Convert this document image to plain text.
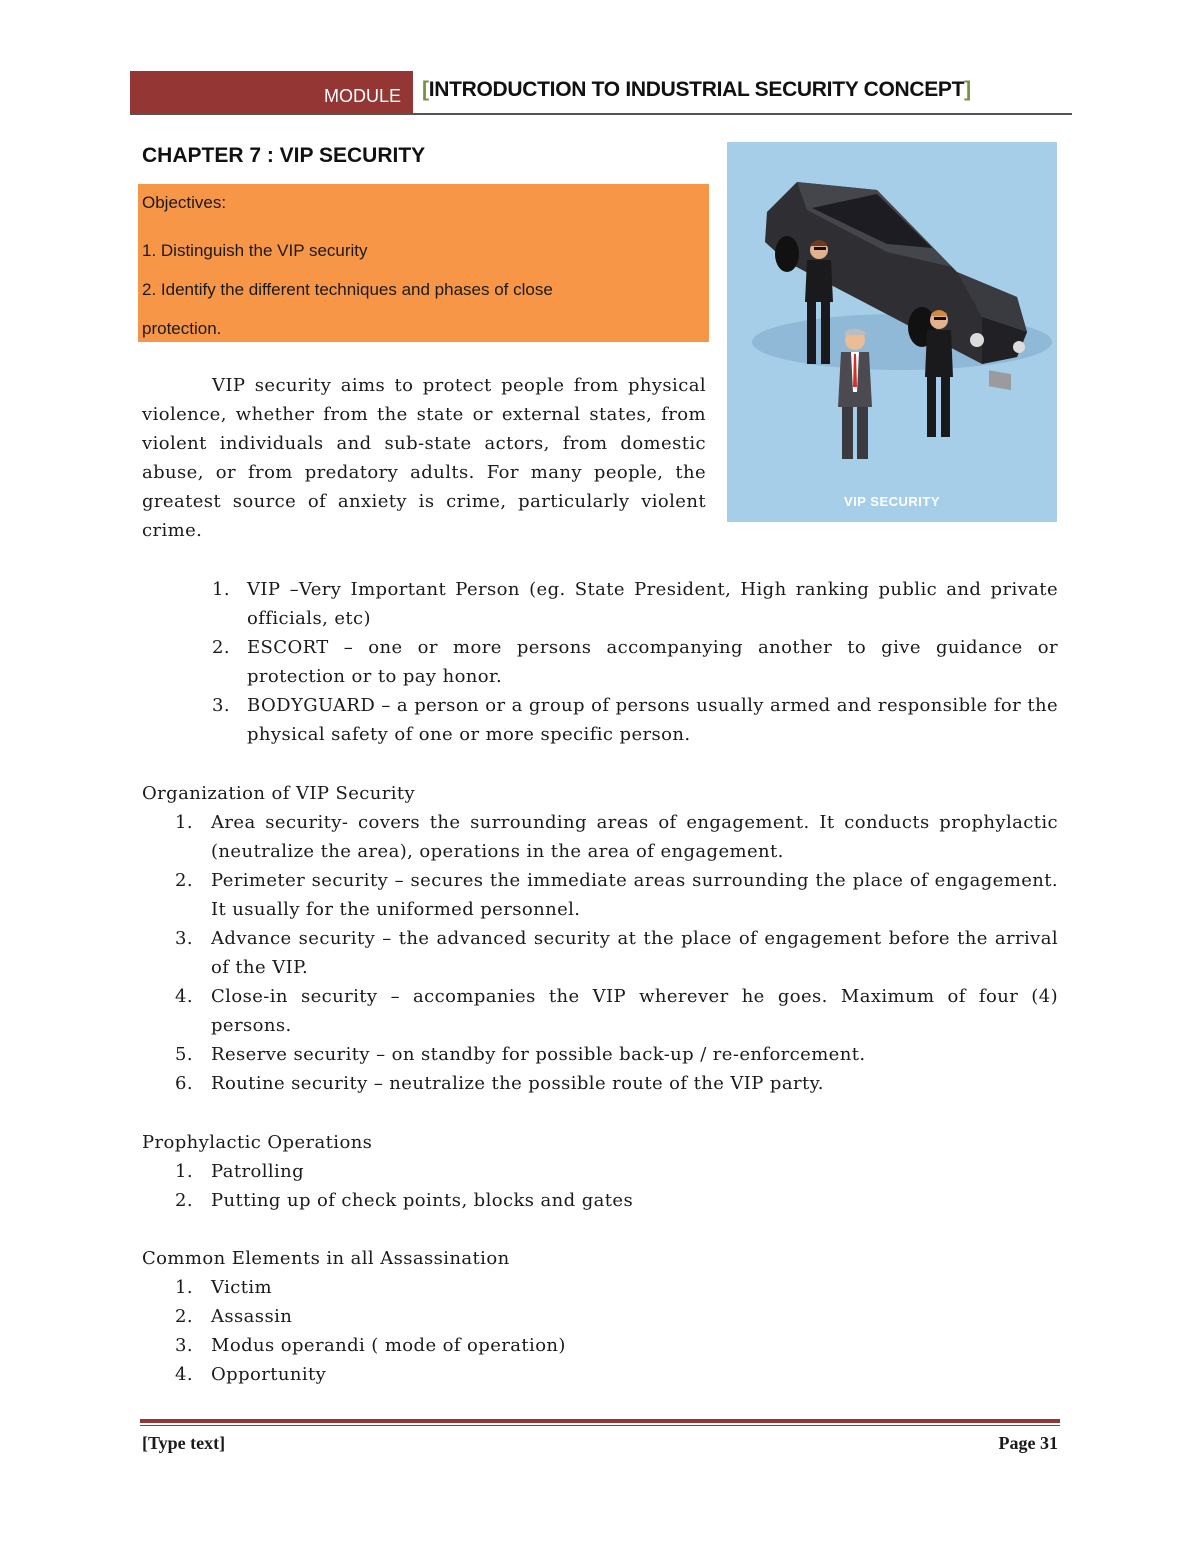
MODULE [INTRODUCTION TO INDUSTRIAL SECURITY CONCEPT]
CHAPTER 7 : VIP SECURITY
Objectives:
1. Distinguish the VIP security
2. Identify the different techniques and phases of close
protection.
VIP SECURITY
VIP security aims to protect people from physical violence, whether from the state or external states, from violent individuals and sub-state actors, from domestic abuse, or from predatory adults. For many people, the greatest source of anxiety is crime, particularly violent crime.
1. VIP –Very Important Person (eg. State President, High ranking public and private officials, etc)
2. ESCORT – one or more persons accompanying another to give guidance or protection or to pay honor.
3. BODYGUARD – a person or a group of persons usually armed and responsible for the physical safety of one or more specific person.
Organization of VIP Security
1. Area security- covers the surrounding areas of engagement. It conducts prophylactic (neutralize the area), operations in the area of engagement.
2. Perimeter security – secures the immediate areas surrounding the place of engagement. It usually for the uniformed personnel.
3. Advance security – the advanced security at the place of engagement before the arrival of the VIP.
4. Close-in security – accompanies the VIP wherever he goes. Maximum of four (4) persons.
5. Reserve security – on standby for possible back-up / re-enforcement.
6. Routine security – neutralize the possible route of the VIP party.
Prophylactic Operations
1. Patrolling
2. Putting up of check points, blocks and gates
Common Elements in all Assassination
1. Victim
2. Assassin
3. Modus operandi ( mode of operation)
4. Opportunity
[Type text]	Page 31
